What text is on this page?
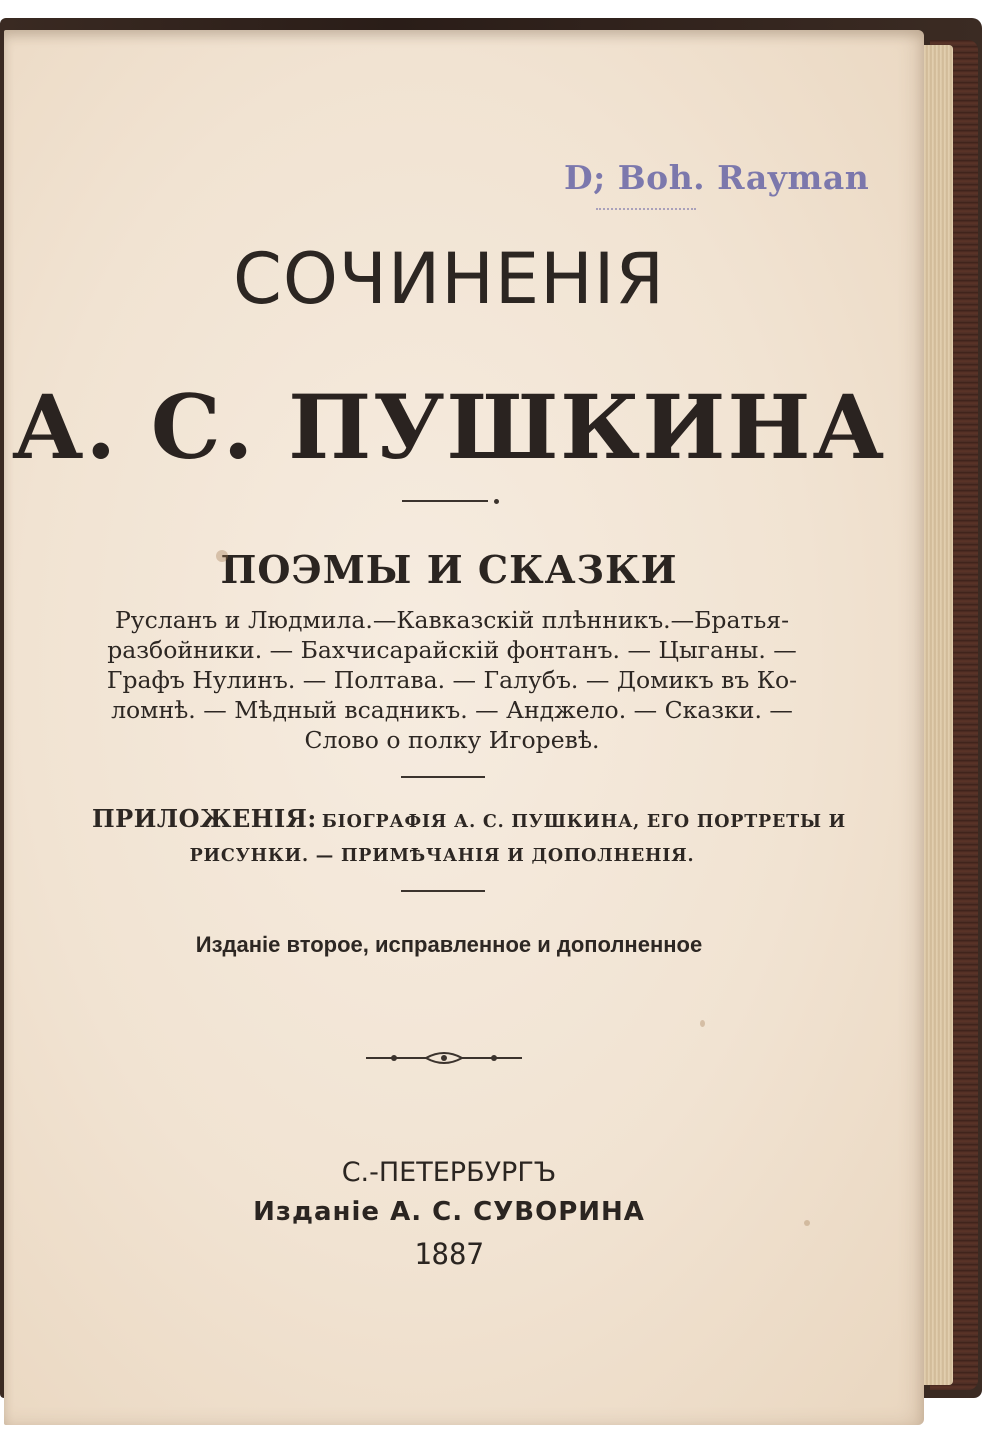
D; Boh. Rayman
СОЧИНЕНІЯ
А. С. ПУШКИНА
ПОЭМЫ И СКАЗКИ
Русланъ и Людмила.—Кавказскій плѣнникъ.—Братья-
разбойники. — Бахчисарайскій фонтанъ. — Цыганы. —
Графъ Нулинъ. — Полтава. — Галубъ. — Домикъ въ Ко-
ломнѣ. — Мѣдный всадникъ. — Анджело. — Сказки. —
Слово о полку Игоревѣ.
ПРИЛОЖЕНІЯ: БІОГРАФІЯ А. С. ПУШКИНА, ЕГО ПОРТРЕТЫ И
РИСУНКИ. — ПРИМѢЧАНІЯ И ДОПОЛНЕНІЯ.
Изданіе второе, исправленное и дополненное
С.-ПЕТЕРБУРГЪ
Изданіе А. С. СУВОРИНА
1887
